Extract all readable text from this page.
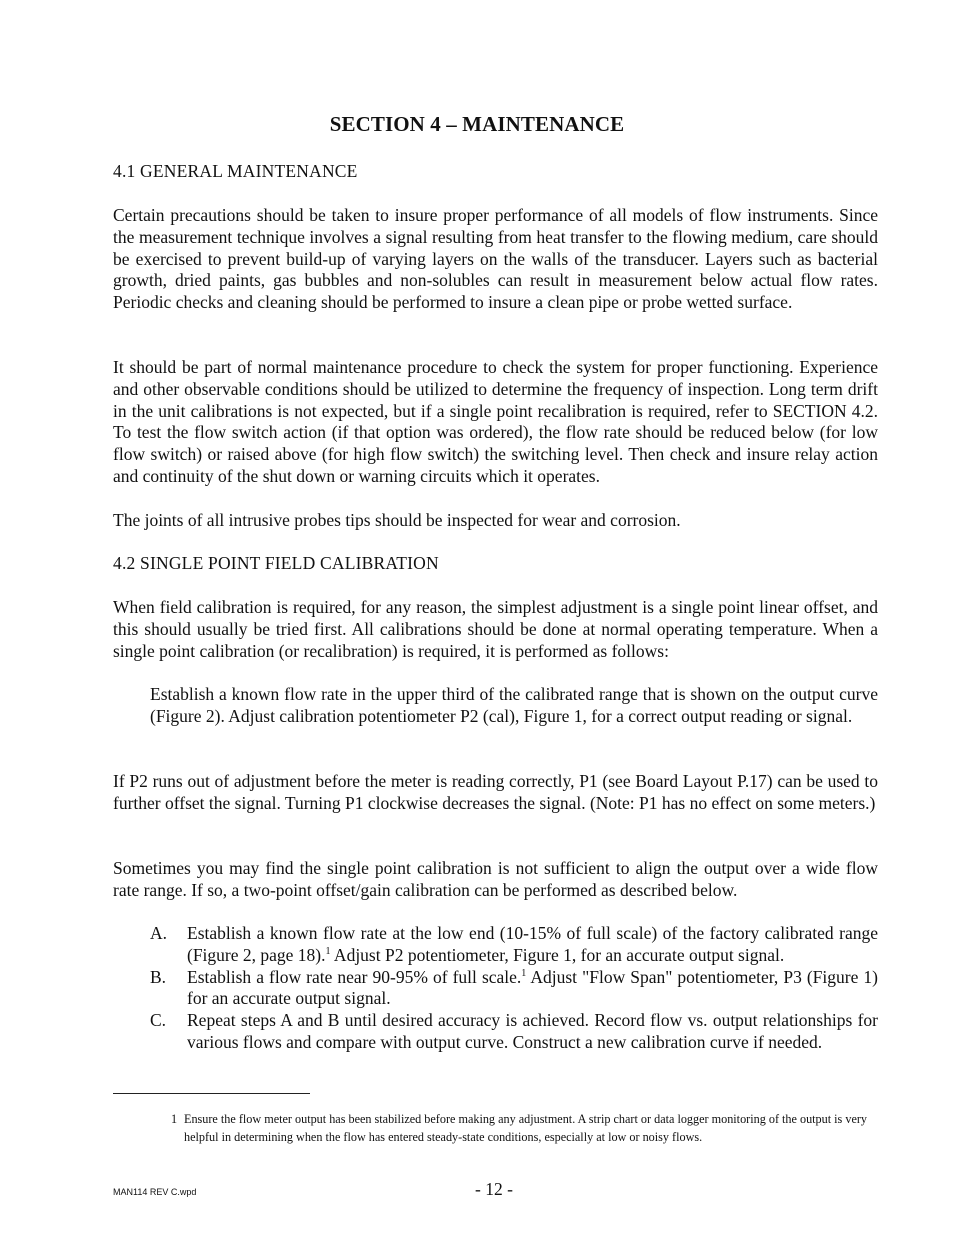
SECTION 4 – MAINTENANCE
4.1 GENERAL MAINTENANCE

Certain precautions should be taken to insure proper performance of all models of flow instruments. Since the measurement technique involves a signal resulting from heat transfer to the flowing medium, care should be exercised to prevent build-up of varying layers on the walls of the transducer. Layers such as bacterial growth, dried paints, gas bubbles and non-solubles can result in measurement below actual flow rates. Periodic checks and cleaning should be performed to insure a clean pipe or probe wetted surface.

It should be part of normal maintenance procedure to check the system for proper functioning. Experience and other observable conditions should be utilized to determine the frequency of inspection. Long term drift in the unit calibrations is not expected, but if a single point recalibration is required, refer to SECTION 4.2. To test the flow switch action (if that option was ordered), the flow rate should be reduced below (for low flow switch) or raised above (for high flow switch) the switching level. Then check and insure relay action and continuity of the shut down or warning circuits which it operates.

The joints of all intrusive probes tips should be inspected for wear and corrosion.

4.2 SINGLE POINT FIELD CALIBRATION

When field calibration is required, for any reason, the simplest adjustment is a single point linear offset, and this should usually be tried first. All calibrations should be done at normal operating temperature. When a single point calibration (or recalibration) is required, it is performed as follows:

Establish a known flow rate in the upper third of the calibrated range that is shown on the output curve (Figure 2). Adjust calibration potentiometer P2 (cal), Figure 1, for a correct output reading or signal.

If P2 runs out of adjustment before the meter is reading correctly, P1 (see Board Layout P.17) can be used to further offset the signal. Turning P1 clockwise decreases the signal. (Note: P1 has no effect on some meters.)

Sometimes you may find the single point calibration is not sufficient to align the output over a wide flow rate range. If so, a two-point offset/gain calibration can be performed as described below.

A.	Establish a known flow rate at the low end (10-15% of full scale) of the factory calibrated range (Figure 2, page 18).$^1$ Adjust P2 potentiometer, Figure 1, for an accurate output signal.
B.	Establish a flow rate near 90-95% of full scale.$^1$ Adjust "Flow Span" potentiometer, P3 (Figure 1) for an accurate output signal.
C.	Repeat steps A and B until desired accuracy is achieved. Record flow vs. output relationships for various flows and compare with output curve. Construct a new calibration curve if needed.
1 Ensure the flow meter output has been stabilized before making any adjustment. A strip chart or data logger monitoring of the output is very helpful in determining when the flow has entered steady-state conditions, especially at low or noisy flows.
MAN114 REV C.wpd	- 12 -
